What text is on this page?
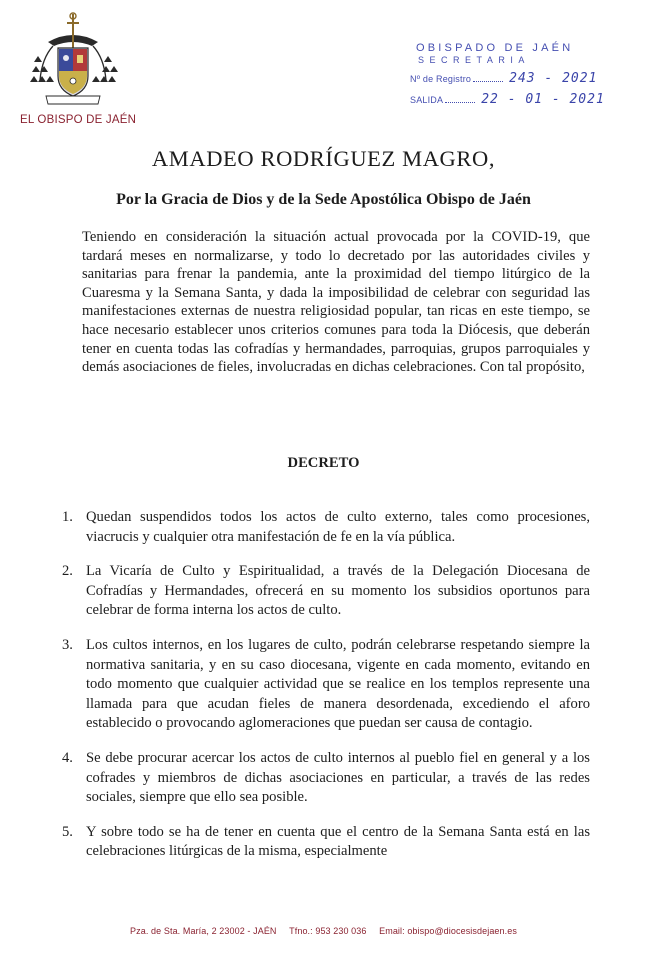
EL OBISPO DE JAÉN
OBISPADO DE JAÉN
SECRETARIA
Nº de Registro	243 - 2021
SALIDA	22 - 01 - 2021
AMADEO RODRÍGUEZ MAGRO,
Por la Gracia de Dios y de la Sede Apostólica Obispo de Jaén

Teniendo en consideración la situación actual provocada por la COVID-19, que tardará meses en normalizarse, y todo lo decretado por las autoridades civiles y sanitarias para frenar la pandemia, ante la proximidad del tiempo litúrgico de la Cuaresma y la Semana Santa, y dada la imposibilidad de celebrar con seguridad las manifestaciones externas de nuestra religiosidad popular, tan ricas en este tiempo, se hace necesario establecer unos criterios comunes para toda la Diócesis, que deberán tener en cuenta todas las cofradías y hermandades, parroquias, grupos parroquiales y demás asociaciones de fieles, involucradas en dichas celebraciones. Con tal propósito,

DECRETO
1. Quedan suspendidos todos los actos de culto externo, tales como procesiones, viacrucis y cualquier otra manifestación de fe en la vía pública.
2. La Vicaría de Culto y Espiritualidad, a través de la Delegación Diocesana de Cofradías y Hermandades, ofrecerá en su momento los subsidios oportunos para celebrar de forma interna los actos de culto.
3. Los cultos internos, en los lugares de culto, podrán celebrarse respetando siempre la normativa sanitaria, y en su caso diocesana, vigente en cada momento, evitando en todo momento que cualquier actividad que se realice en los templos represente una llamada para que acudan fieles de manera desordenada, excediendo el aforo establecido o provocando aglomeraciones que puedan ser causa de contagio.
4. Se debe procurar acercar los actos de culto internos al pueblo fiel en general y a los cofrades y miembros de dichas asociaciones en particular, a través de las redes sociales, siempre que ello sea posible.
5. Y sobre todo se ha de tener en cuenta que el centro de la Semana Santa está en las celebraciones litúrgicas de la misma, especialmente
Pza. de Sta. María, 2 23002 - JAÉN Tfno.: 953 230 036 Email: obispo@diocesisdejaen.es
